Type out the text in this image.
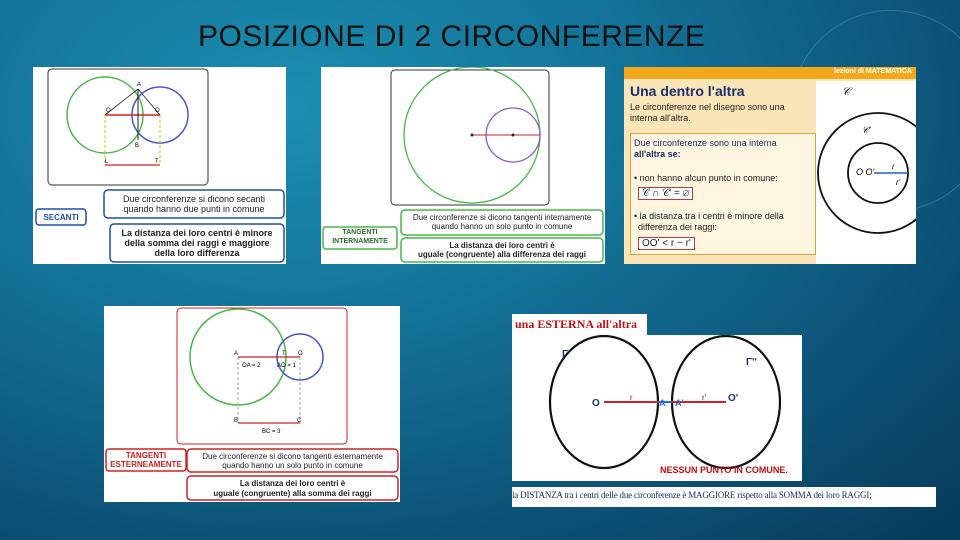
POSIZIONE DI 2 CIRCONFERENZE
A
O	O
B
L	T
SECANTI
Due circonferenze si dicono secanti
quando hanno due punti in comune
La distanza dei loro centri è minore
della somma dei raggi e maggiore
della loro differenza
TANGENTI
INTERNAMENTE
Due circonferenze si dicono tangenti internamente
quando hanno un solo punto in comune
La distanza dei loro centri è
uguale (congruente) alla differenza dei raggi
lezioni di MATEMATICA
Una dentro l'altra
Le circonferenze nel disegno sono una
interna all'altra.
Due circonferenze sono una interna
all'altra se:
• non hanno alcun punto in comune:
𝒞 ∩ 𝒞' = ∅
• la distanza tra i centri è minore della
differenza dei raggi:
OO' < r − r'
𝒞
𝒞'
O O'
r
r'
A	T O
OA = 2	AO = 1
B	C
BC = 3
TANGENTI
ESTERNEAMENTE
Due circonferenze si dicono tangenti esternamente
quando hanno un solo punto in comune
La distanza dei loro centri è
uguale (congruente) alla somma dei raggi
una ESTERNA all'altra
Γ'
Γ''
O
r
A A'
r' O'
NESSUN PUNTO IN COMUNE.
la DISTANZA tra i centri delle due circonferenze è MAGGIORE rispetto alla SOMMA dei loro RAGGI;
